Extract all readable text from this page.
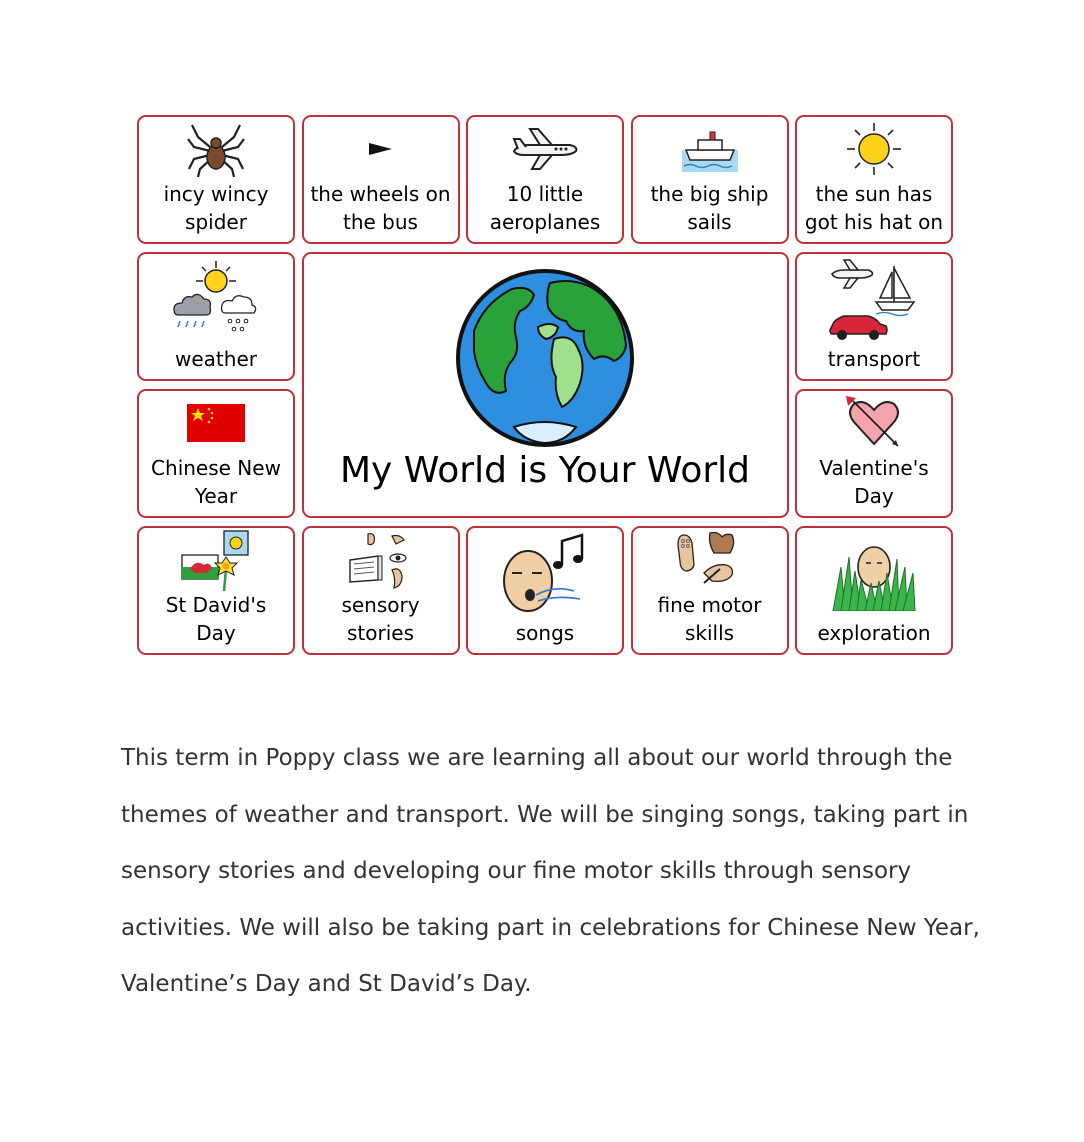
incy wincy
spider
the wheels on
the bus
10 little
aeroplanes
the big ship
sails
the sun has
got his hat on
weather
My World is Your World
transport
Chinese New
Year
Valentine's
Day
St David's
Day
sensory
stories	songs
fine motor
skills	exploration

This term in Poppy class we are learning all about our world through the themes of weather and transport. We will be singing songs, taking part in sensory stories and developing our fine motor skills through sensory activities. We will also be taking part in celebrations for Chinese New Year, Valentine’s Day and St David’s Day.
